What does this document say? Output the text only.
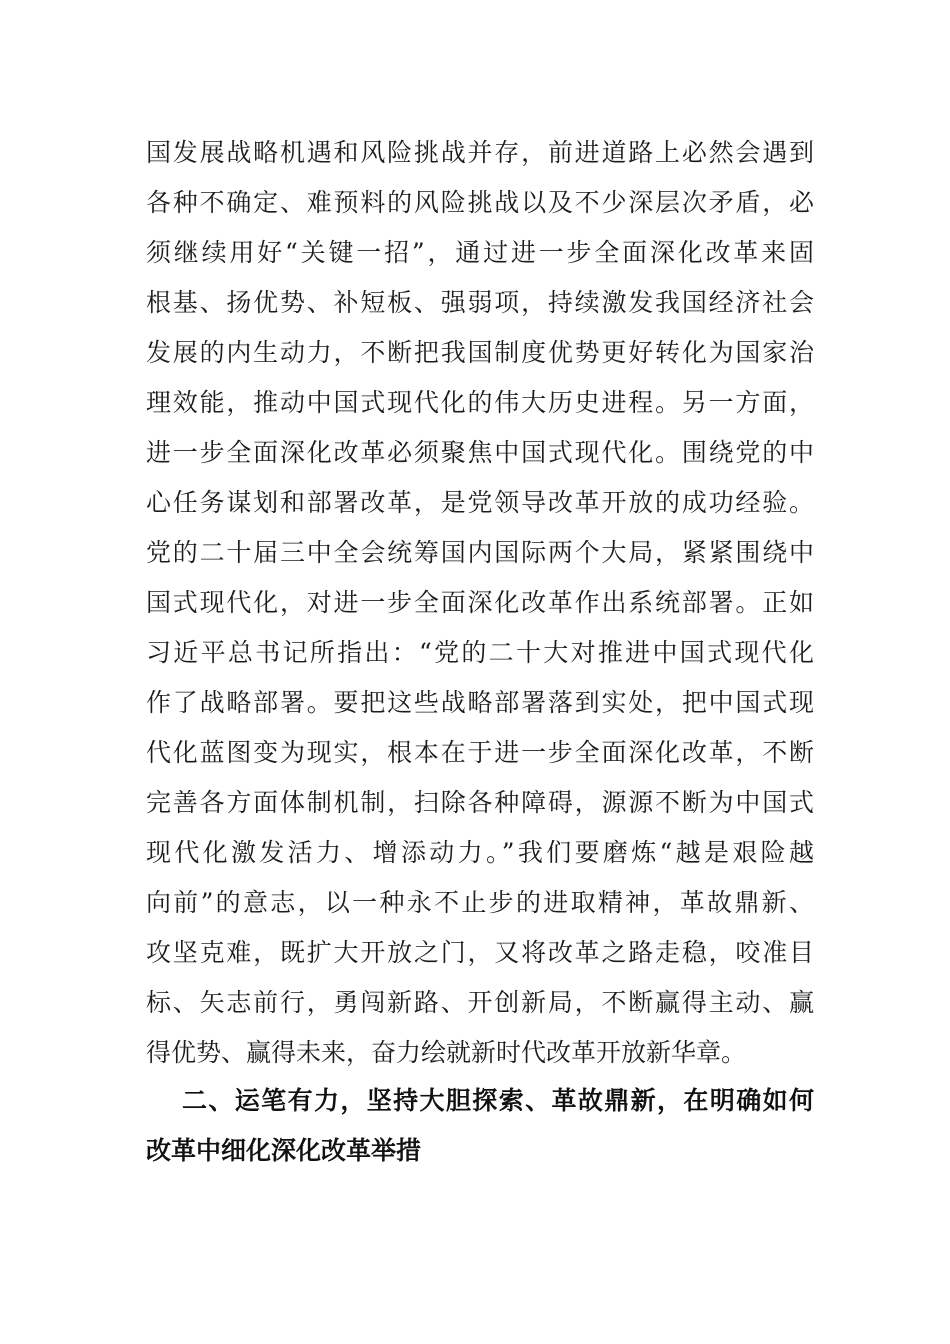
国发展战略机遇和风险挑战并存，前进道路上必然会遇到
各种不确定、难预料的风险挑战以及不少深层次矛盾，必
须继续用好“关键一招”，通过进一步全面深化改革来固
根基、扬优势、补短板、强弱项，持续激发我国经济社会
发展的内生动力，不断把我国制度优势更好转化为国家治
理效能，推动中国式现代化的伟大历史进程。另一方面，
进一步全面深化改革必须聚焦中国式现代化。围绕党的中
心任务谋划和部署改革，是党领导改革开放的成功经验。
党的二十届三中全会统筹国内国际两个大局，紧紧围绕中
国式现代化，对进一步全面深化改革作出系统部署。正如
习近平总书记所指出：“党的二十大对推进中国式现代化
作了战略部署。要把这些战略部署落到实处，把中国式现
代化蓝图变为现实，根本在于进一步全面深化改革，不断
完善各方面体制机制，扫除各种障碍，源源不断为中国式
现代化激发活力、增添动力。”我们要磨炼“越是艰险越
向前”的意志，以一种永不止步的进取精神，革故鼎新、
攻坚克难，既扩大开放之门，又将改革之路走稳，咬准目
标、矢志前行，勇闯新路、开创新局，不断赢得主动、赢
得优势、赢得未来，奋力绘就新时代改革开放新华章。
二、运笔有力，坚持大胆探索、革故鼎新，在明确如何
改革中细化深化改革举措
